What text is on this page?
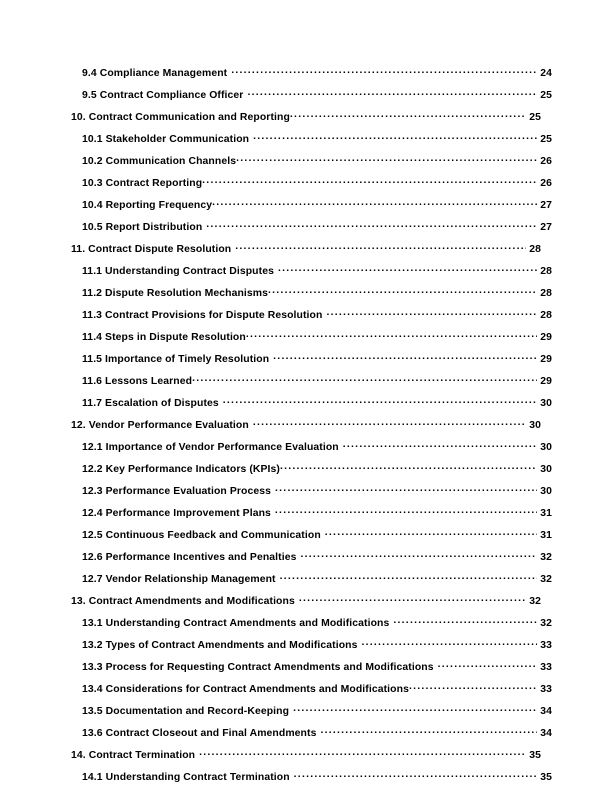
9.4 Compliance Management .....	24
9.5 Contract Compliance Officer .....	25
10. Contract Communication and Reporting .....	25
10.1 Stakeholder Communication .....	25
10.2 Communication Channels .....	26
10.3 Contract Reporting .....	26
10.4 Reporting Frequency .....	27
10.5 Report Distribution .....	27
11. Contract Dispute Resolution .....	28
11.1 Understanding Contract Disputes .....	28
11.2 Dispute Resolution Mechanisms .....	28
11.3 Contract Provisions for Dispute Resolution .....	28
11.4 Steps in Dispute Resolution .....	29
11.5 Importance of Timely Resolution .....	29
11.6 Lessons Learned .....	29
11.7 Escalation of Disputes .....	30
12. Vendor Performance Evaluation .....	30
12.1 Importance of Vendor Performance Evaluation .....	30
12.2 Key Performance Indicators (KPIs) .....	30
12.3 Performance Evaluation Process .....	30
12.4 Performance Improvement Plans .....	31
12.5 Continuous Feedback and Communication .....	31
12.6 Performance Incentives and Penalties .....	32
12.7 Vendor Relationship Management .....	32
13. Contract Amendments and Modifications .....	32
13.1 Understanding Contract Amendments and Modifications .....	32
13.2 Types of Contract Amendments and Modifications .....	33
13.3 Process for Requesting Contract Amendments and Modifications .....	33
13.4 Considerations for Contract Amendments and Modifications .....	33
13.5 Documentation and Record-Keeping .....	34
13.6 Contract Closeout and Final Amendments .....	34
14. Contract Termination .....	35
14.1 Understanding Contract Termination .....	35
